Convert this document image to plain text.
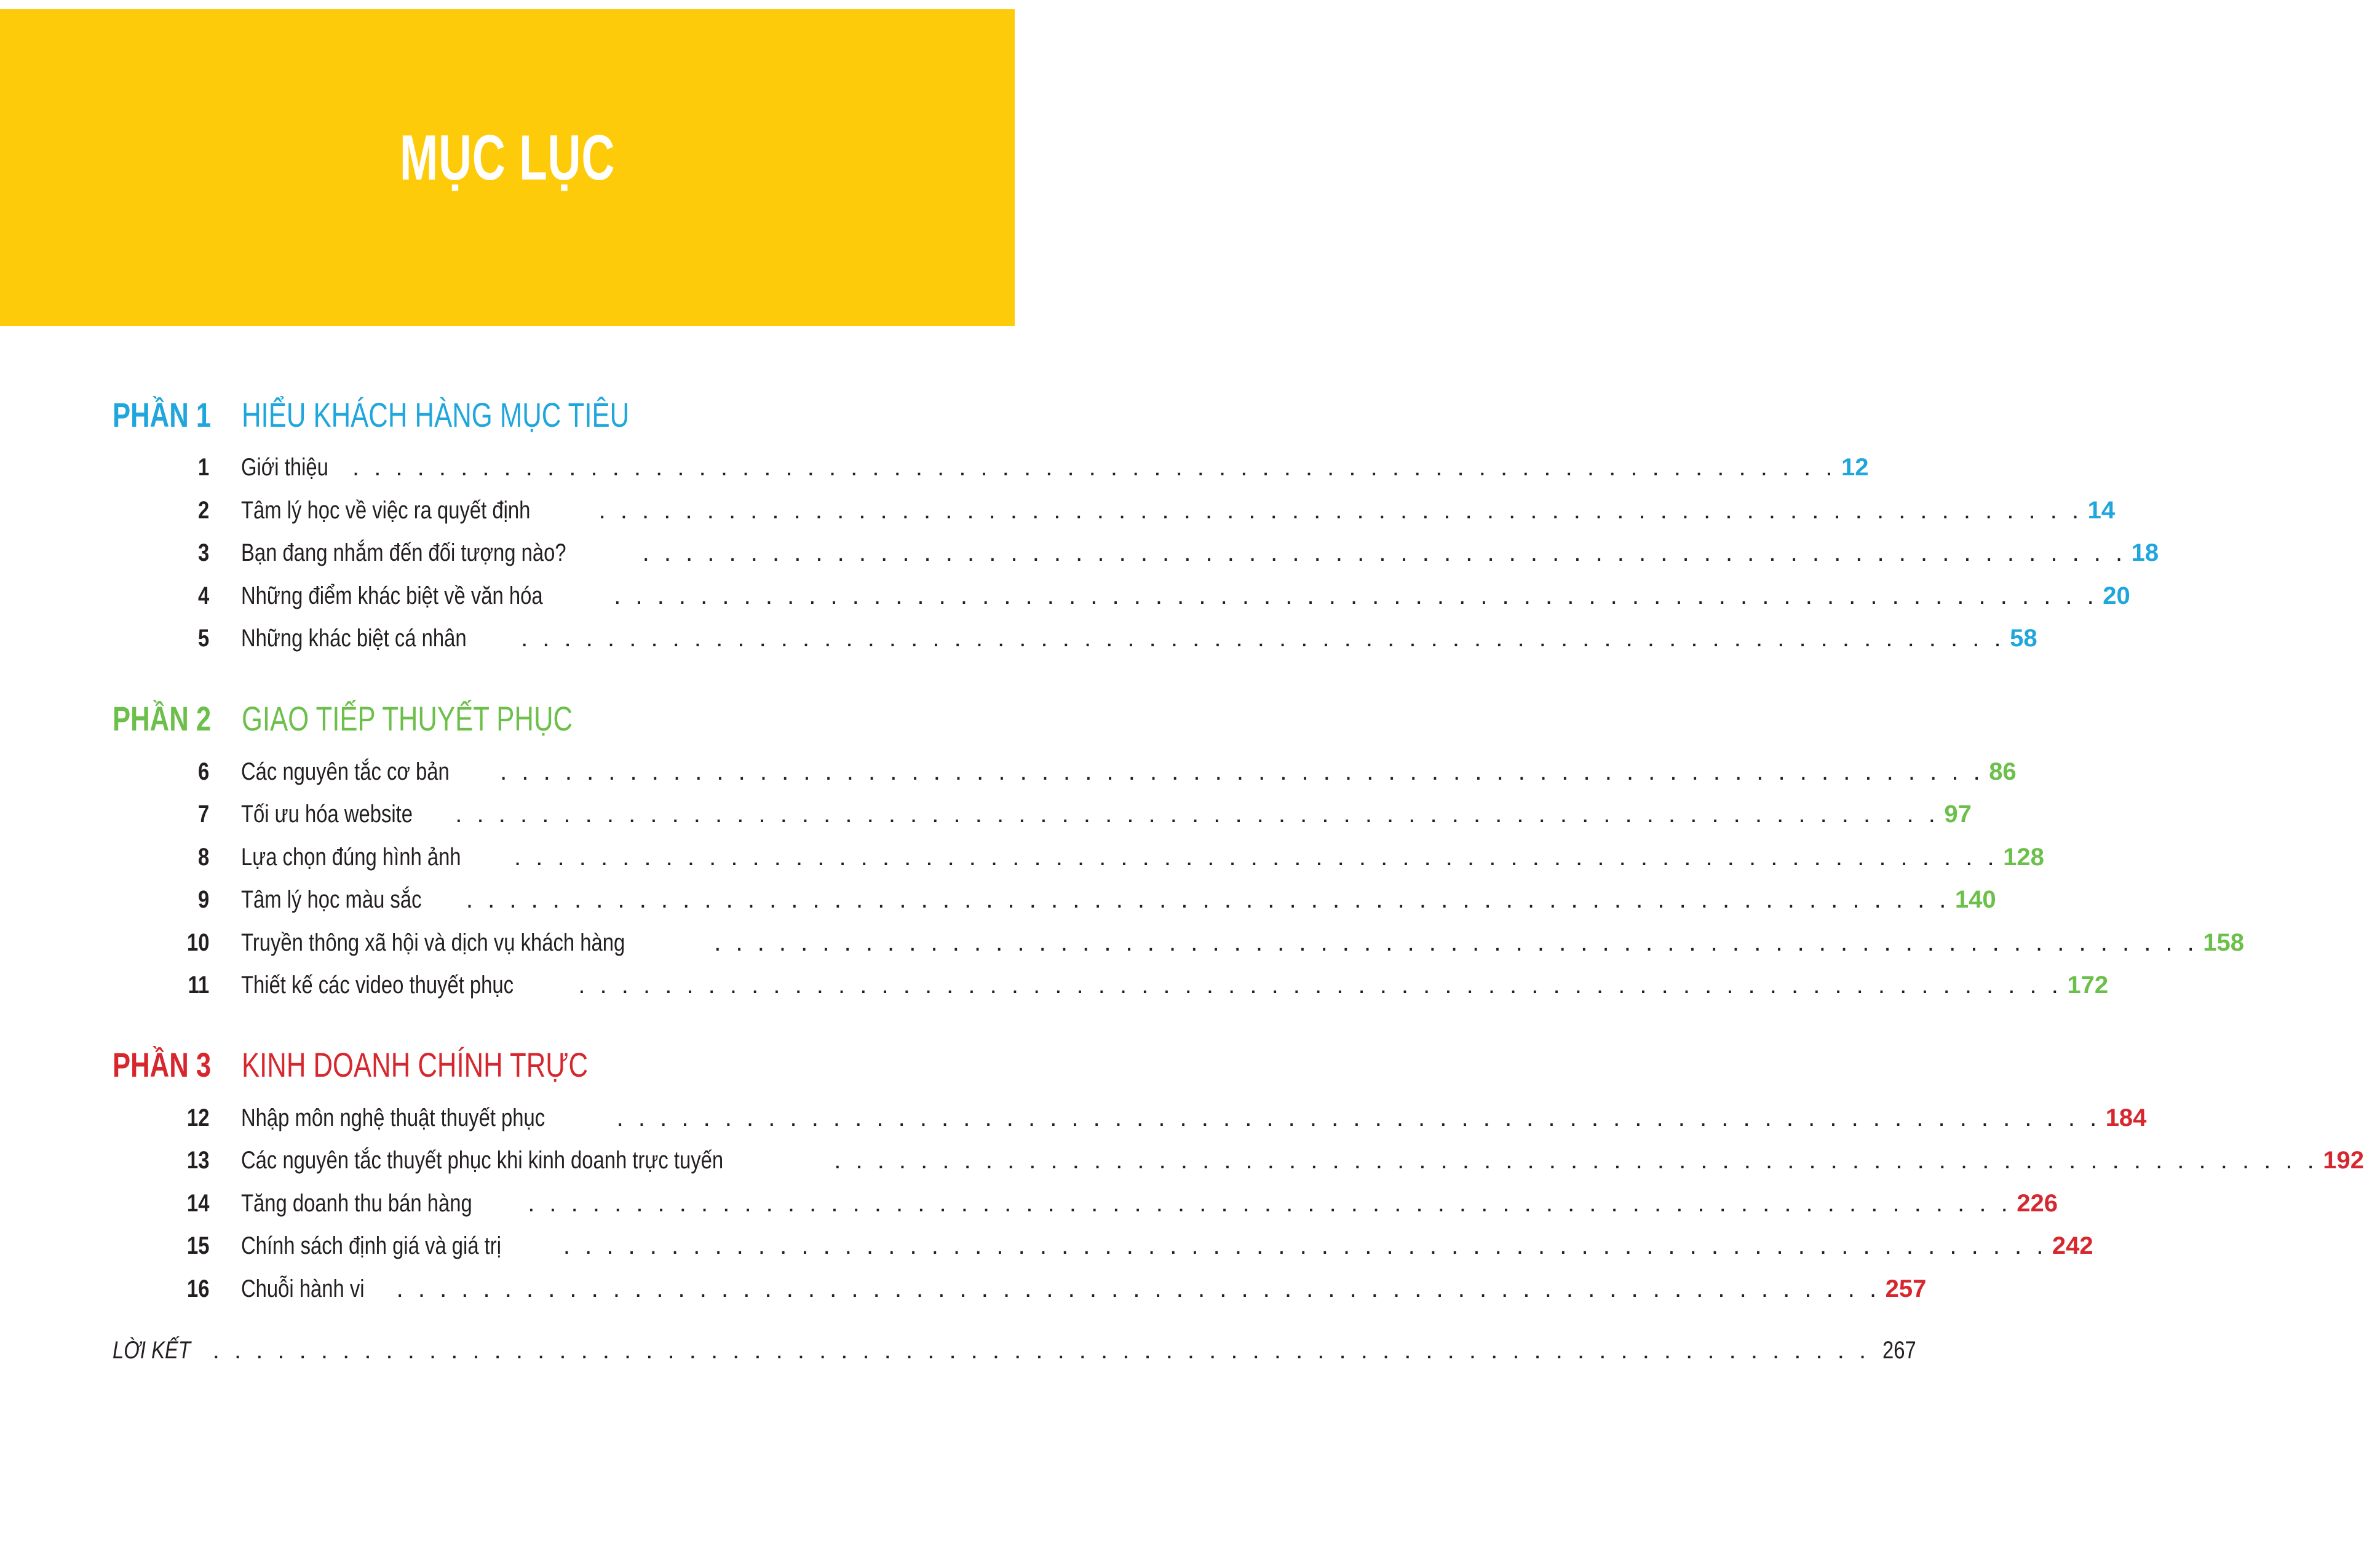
MỤC LỤC
PHẦN 1 HIỂU KHÁCH HÀNG MỤC TIÊU
1 Giới thiệu . . . . . . . . . . . . . . . . . . . . . . . . . . . . . . . . . . . . . . . . . . . . . . . . . . . . . . . . . . . . . . . . . . . . . 12
2 Tâm lý học về việc ra quyết định	. . . . . . . . . . . . . . . . . . . . . . . . . . . . . . . . . . . . . . . . . . . . . . . . . . . . . . . . . . . . . . . . . . . . . 14
3 Bạn đang nhắm đến đối tượng nào?	. . . . . . . . . . . . . . . . . . . . . . . . . . . . . . . . . . . . . . . . . . . . . . . . . . . . . . . . . . . . . . . . . . . . . 18
4 Những điểm khác biệt về văn hóa	. . . . . . . . . . . . . . . . . . . . . . . . . . . . . . . . . . . . . . . . . . . . . . . . . . . . . . . . . . . . . . . . . . . . . 20
5 Những khác biệt cá nhân . . . . . . . . . . . . . . . . . . . . . . . . . . . . . . . . . . . . . . . . . . . . . . . . . . . . . . . . . . . . . . . . . . . . . 58
PHẦN 2 GIAO TIẾP THUYẾT PHỤC
6 Các nguyên tắc cơ bản . . . . . . . . . . . . . . . . . . . . . . . . . . . . . . . . . . . . . . . . . . . . . . . . . . . . . . . . . . . . . . . . . . . . . 86
7 Tối ưu hóa website . . . . . . . . . . . . . . . . . . . . . . . . . . . . . . . . . . . . . . . . . . . . . . . . . . . . . . . . . . . . . . . . . . . . . 97
8 Lựa chọn đúng hình ảnh . . . . . . . . . . . . . . . . . . . . . . . . . . . . . . . . . . . . . . . . . . . . . . . . . . . . . . . . . . . . . . . . . . . . . 128
9 Tâm lý học màu sắc . . . . . . . . . . . . . . . . . . . . . . . . . . . . . . . . . . . . . . . . . . . . . . . . . . . . . . . . . . . . . . . . . . . . . 140
10 Truyền thông xã hội và dịch vụ khách hàng	. . . . . . . . . . . . . . . . . . . . . . . . . . . . . . . . . . . . . . . . . . . . . . . . . . . . . . . . . . . . . . . . . . . . . 158
11 Thiết kế các video thuyết phục	. . . . . . . . . . . . . . . . . . . . . . . . . . . . . . . . . . . . . . . . . . . . . . . . . . . . . . . . . . . . . . . . . . . . . 172
PHẦN 3 KINH DOANH CHÍNH TRỰC
12 Nhập môn nghệ thuật thuyết phục	. . . . . . . . . . . . . . . . . . . . . . . . . . . . . . . . . . . . . . . . . . . . . . . . . . . . . . . . . . . . . . . . . . . . . 184
13 Các nguyên tắc thuyết phục khi kinh doanh trực tuyến	. . . . . . . . . . . . . . . . . . . . . . . . . . . . . . . . . . . . . . . . . . . . . . . . . . . . . . . . . . . . . . . . . . . . . 192
14 Tăng doanh thu bán hàng . . . . . . . . . . . . . . . . . . . . . . . . . . . . . . . . . . . . . . . . . . . . . . . . . . . . . . . . . . . . . . . . . . . . . 226
15 Chính sách định giá và giá trị	. . . . . . . . . . . . . . . . . . . . . . . . . . . . . . . . . . . . . . . . . . . . . . . . . . . . . . . . . . . . . . . . . . . . . 242
16 Chuỗi hành vi . . . . . . . . . . . . . . . . . . . . . . . . . . . . . . . . . . . . . . . . . . . . . . . . . . . . . . . . . . . . . . . . . . . . . 257
LỜI KẾT . . . . . . . . . . . . . . . . . . . . . . . . . . . . . . . . . . . . . . . . . . . . . . . . . . . . . . . . . . . . . . . . . . . . . . . . . . . . . 267
